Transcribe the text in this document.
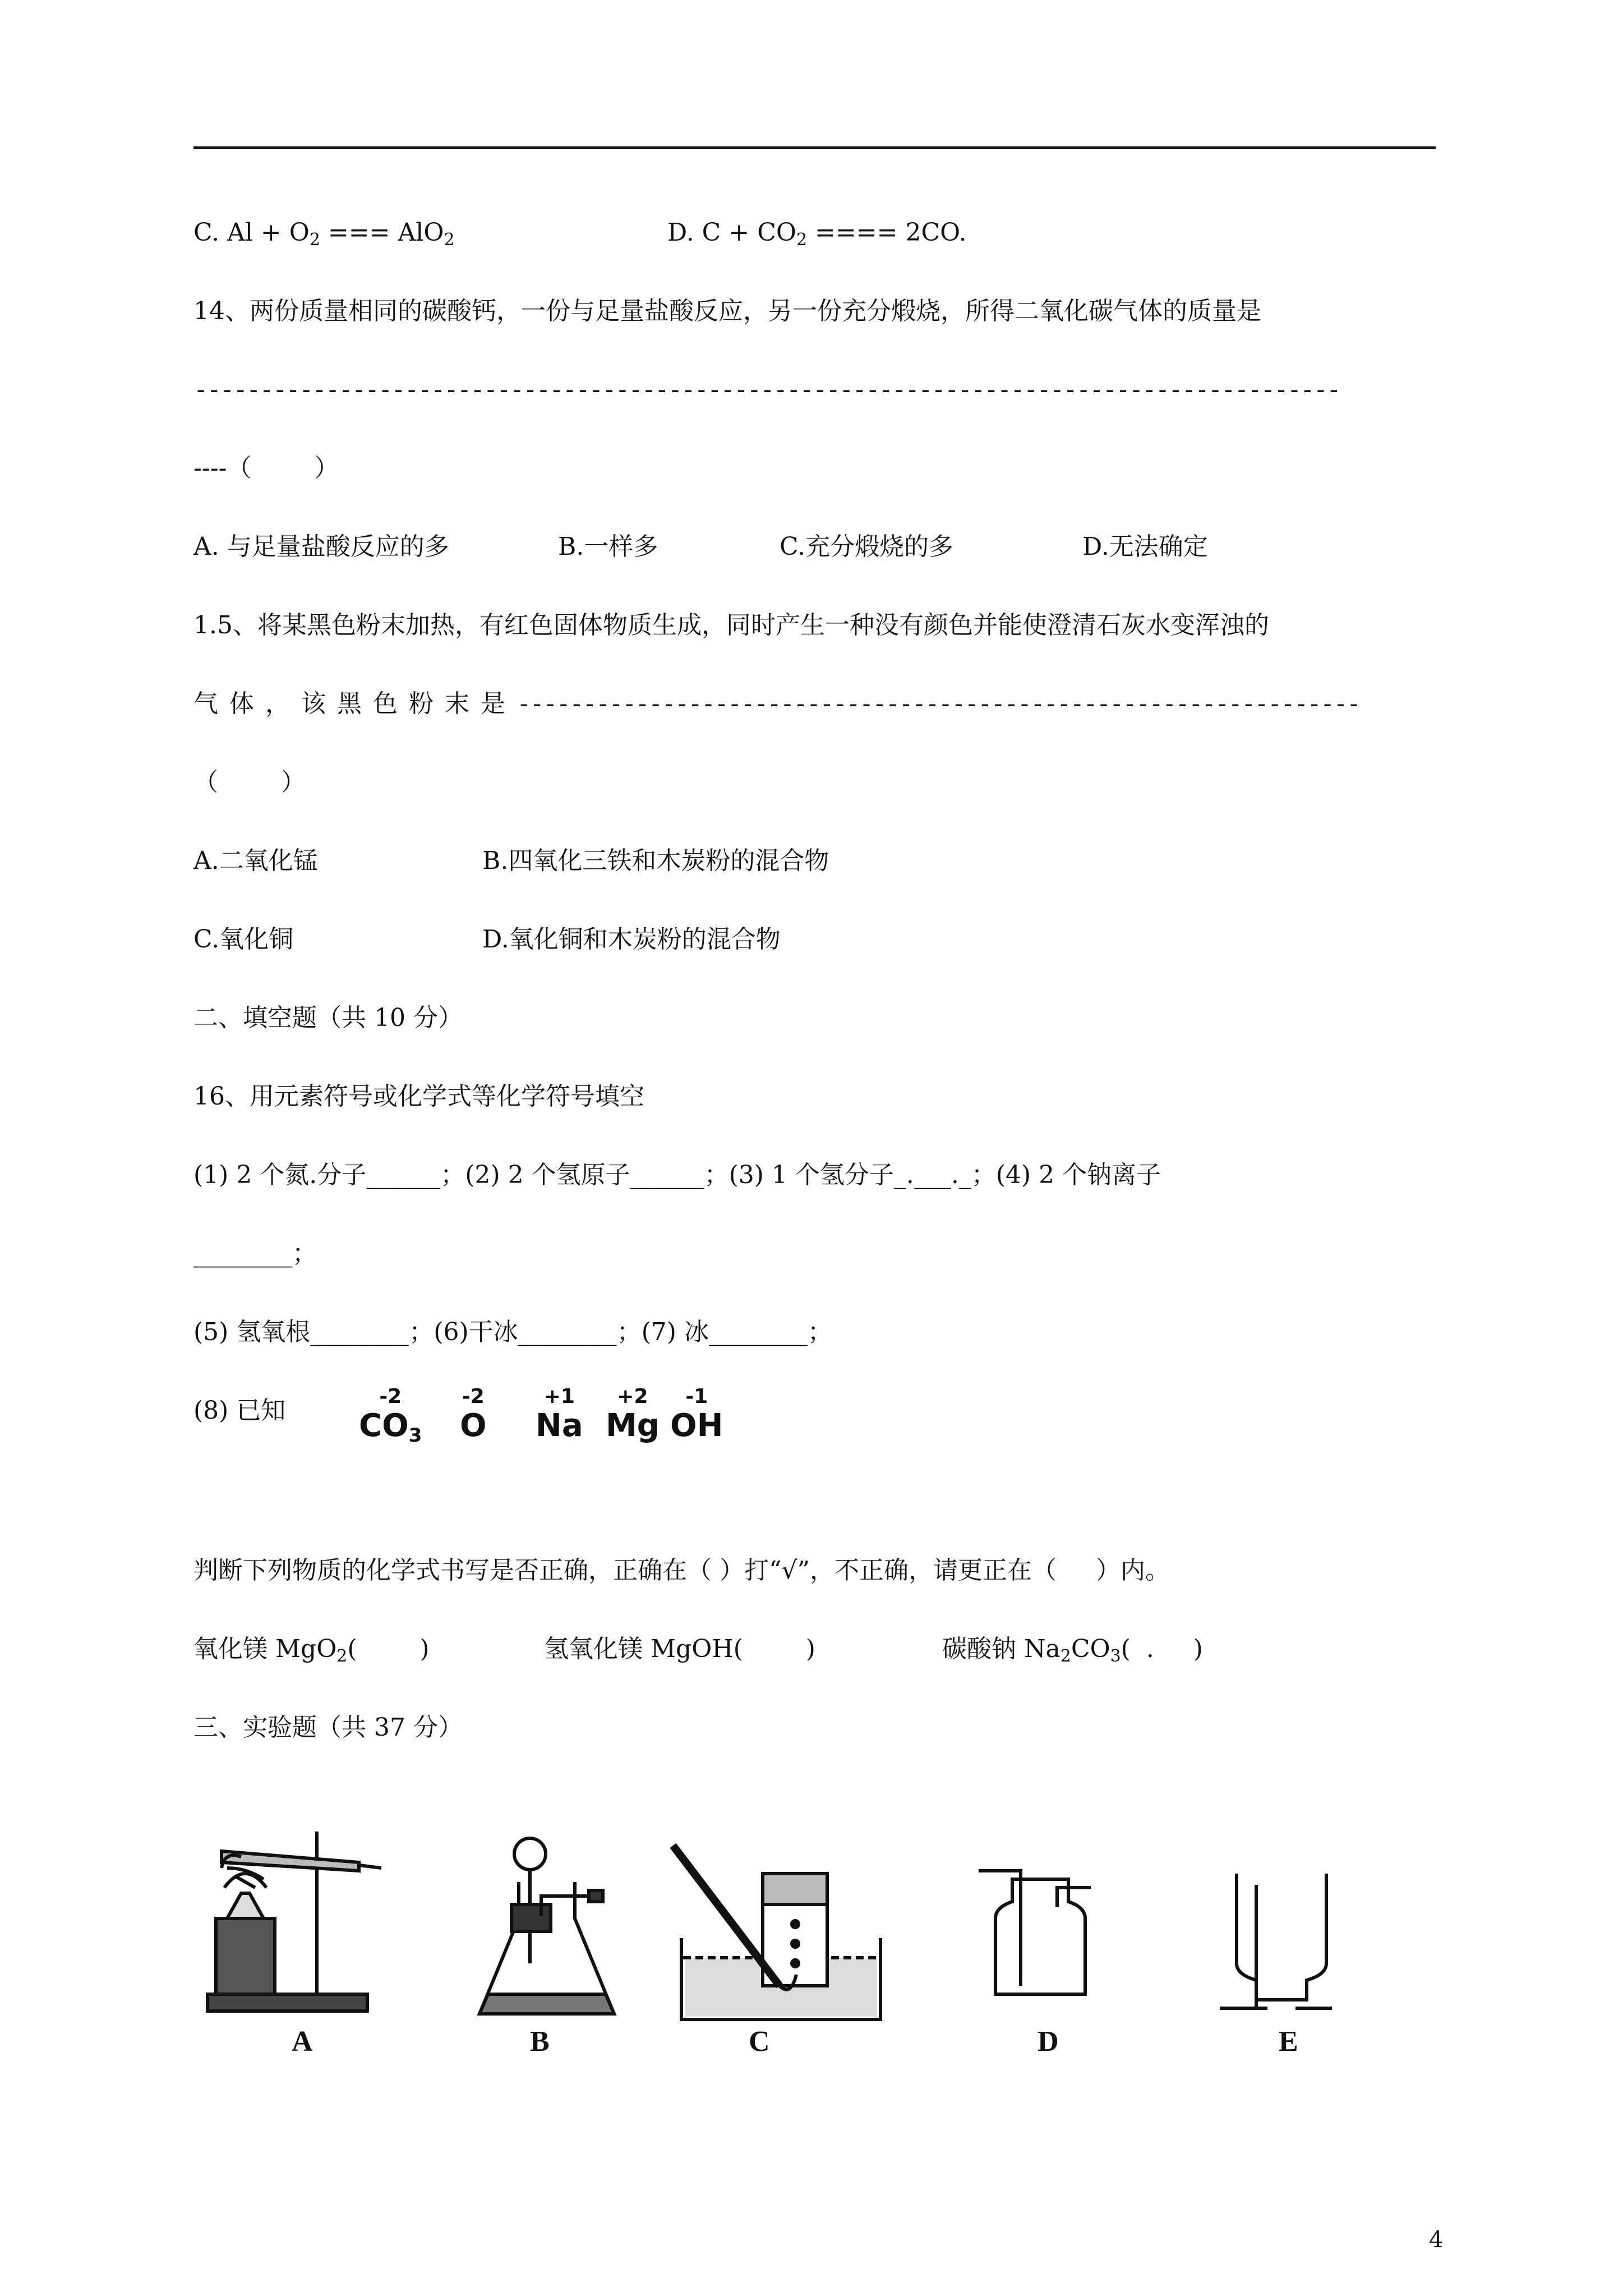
C. $Al + O_2$ === AlO$_2$	D. $C + CO_2$ ==== 2CO.
14、两份质量相同的碳酸钙，一份与足量盐酸反应，另一份充分煅烧，所得二氧化碳气体的质量是
---------------------------------------------------------------------------------------
----（        ）
A. 与足量盐酸反应的多	B.一样多	C.充分煅烧的多	D.无法确定
1.5、将某黑色粉末加热，有红色固体物质生成，同时产生一种没有颜色并能使澄清石灰水变浑浊的
气体，该黑色粉末是----------------------------------------------------------------
（        ）
A.二氧化锰	B.四氧化三铁和木炭粉的混合物
C.氧化铜	D.氧化铜和木炭粉的混合物
二、填空题（共 10 分）
16、用元素符号或化学式等化学符号填空
(1) 2 个氮.分子______；(2) 2 个氢原子______；(3) 1 个氢分子_.___._；(4) 2 个钠离子
________；
(5) 氢氧根________；(6)干冰________；(7) 冰________；
(8) 已知	-2
$CO_3$
-2
O
+1
Na
+2
Mg
-1
OH
判断下列物质的化学式书写是否正确，正确在（ ）打“√”，不正确，请更正在（     ）内。
氧化镁 MgO$_2$(        )	氢氧化镁 MgOH(        )	碳酸钠 $Na_2CO_3$(  .     )
三、实验题（共 37 分）
A	B	C	D	E
4
